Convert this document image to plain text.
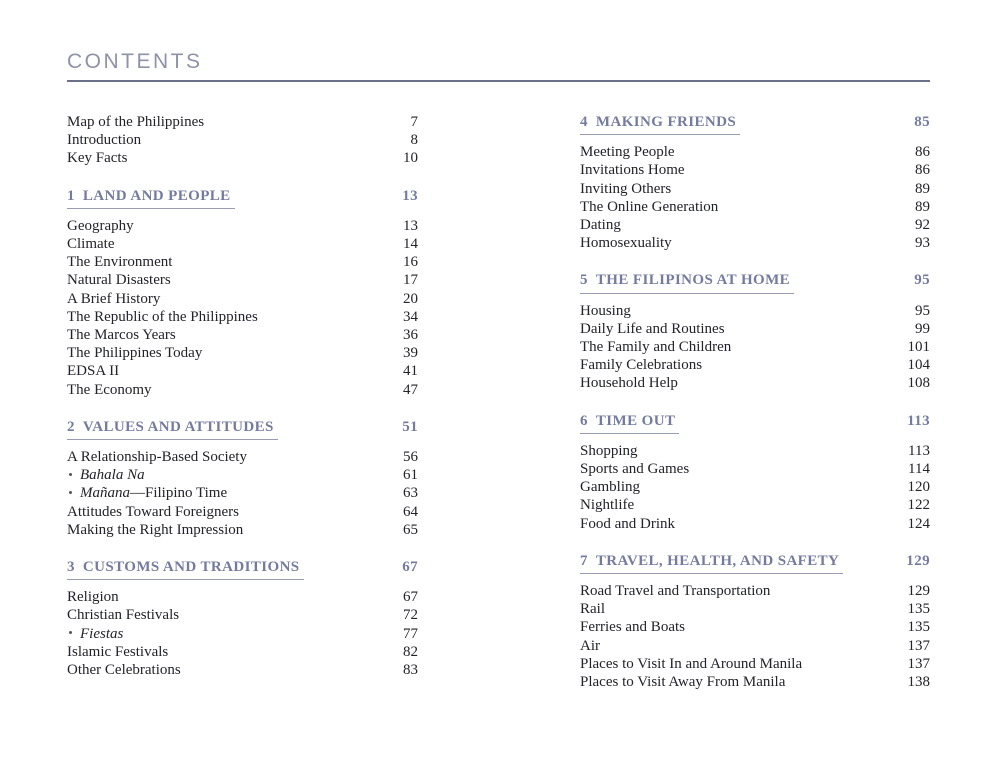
CONTENTS
Map of the Philippines	7
Introduction	8
Key Facts	10
1 LAND AND PEOPLE	13
Geography	13
Climate	14
The Environment	16
Natural Disasters	17
A Brief History	20
The Republic of the Philippines	34
The Marcos Years	36
The Philippines Today	39
EDSA II	41
The Economy	47
2 VALUES AND ATTITUDES	51
A Relationship-Based Society	56
Bahala Na	61
Mañana—Filipino Time	63
Attitudes Toward Foreigners	64
Making the Right Impression	65
3 CUSTOMS AND TRADITIONS	67
Religion	67
Christian Festivals	72
Fiestas	77
Islamic Festivals	82
Other Celebrations	83
4 MAKING FRIENDS	85
Meeting People	86
Invitations Home	86
Inviting Others	89
The Online Generation	89
Dating	92
Homosexuality	93
5 THE FILIPINOS AT HOME	95
Housing	95
Daily Life and Routines	99
The Family and Children	101
Family Celebrations	104
Household Help	108
6 TIME OUT	113
Shopping	113
Sports and Games	114
Gambling	120
Nightlife	122
Food and Drink	124
7 TRAVEL, HEALTH, AND SAFETY	129
Road Travel and Transportation	129
Rail	135
Ferries and Boats	135
Air	137
Places to Visit In and Around Manila	137
Places to Visit Away From Manila	138
